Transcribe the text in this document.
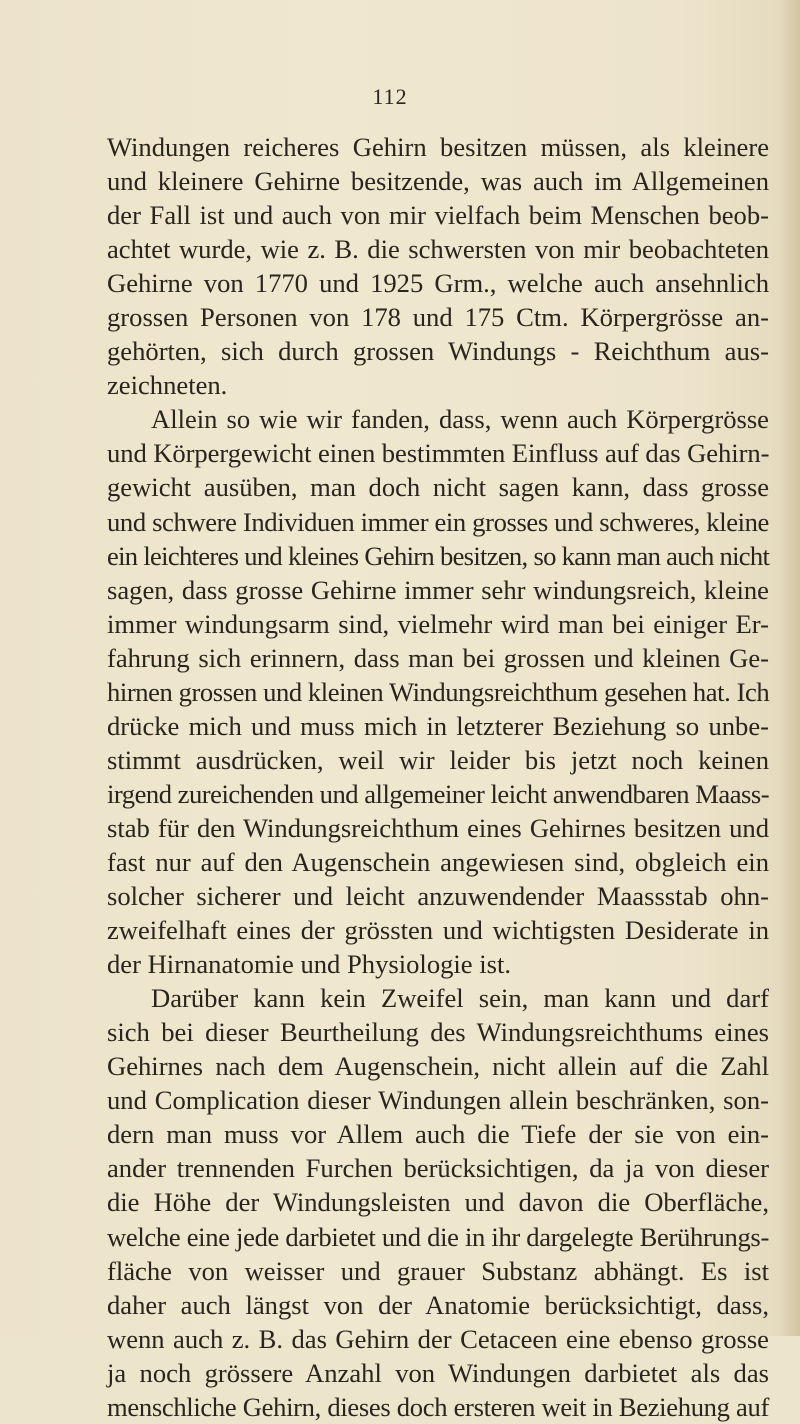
112
Windungen reicheres Gehirn besitzen müssen, als kleinere
und kleinere Gehirne besitzende, was auch im Allgemeinen
der Fall ist und auch von mir vielfach beim Menschen beob-
achtet wurde, wie z. B. die schwersten von mir beobachteten
Gehirne von 1770 und 1925 Grm., welche auch ansehnlich
grossen Personen von 178 und 175 Ctm. Körpergrösse an-
gehörten, sich durch grossen Windungs - Reichthum aus-
zeichneten.
Allein so wie wir fanden, dass, wenn auch Körpergrösse
und Körpergewicht einen bestimmten Einfluss auf das Gehirn-
gewicht ausüben, man doch nicht sagen kann, dass grosse
und schwere Individuen immer ein grosses und schweres, kleine
ein leichteres und kleines Gehirn besitzen, so kann man auch nicht
sagen, dass grosse Gehirne immer sehr windungsreich, kleine
immer windungsarm sind, vielmehr wird man bei einiger Er-
fahrung sich erinnern, dass man bei grossen und kleinen Ge-
hirnen grossen und kleinen Windungsreichthum gesehen hat. Ich
drücke mich und muss mich in letzterer Beziehung so unbe-
stimmt ausdrücken, weil wir leider bis jetzt noch keinen
irgend zureichenden und allgemeiner leicht anwendbaren Maass-
stab für den Windungsreichthum eines Gehirnes besitzen und
fast nur auf den Augenschein angewiesen sind, obgleich ein
solcher sicherer und leicht anzuwendender Maassstab ohn-
zweifelhaft eines der grössten und wichtigsten Desiderate in
der Hirnanatomie und Physiologie ist.
Darüber kann kein Zweifel sein, man kann und darf
sich bei dieser Beurtheilung des Windungsreichthums eines
Gehirnes nach dem Augenschein, nicht allein auf die Zahl
und Complication dieser Windungen allein beschränken, son-
dern man muss vor Allem auch die Tiefe der sie von ein-
ander trennenden Furchen berücksichtigen, da ja von dieser
die Höhe der Windungsleisten und davon die Oberfläche,
welche eine jede darbietet und die in ihr dargelegte Berührungs-
fläche von weisser und grauer Substanz abhängt. Es ist
daher auch längst von der Anatomie berücksichtigt, dass,
wenn auch z. B. das Gehirn der Cetaceen eine ebenso grosse
ja noch grössere Anzahl von Windungen darbietet als das
menschliche Gehirn, dieses doch ersteren weit in Beziehung auf
